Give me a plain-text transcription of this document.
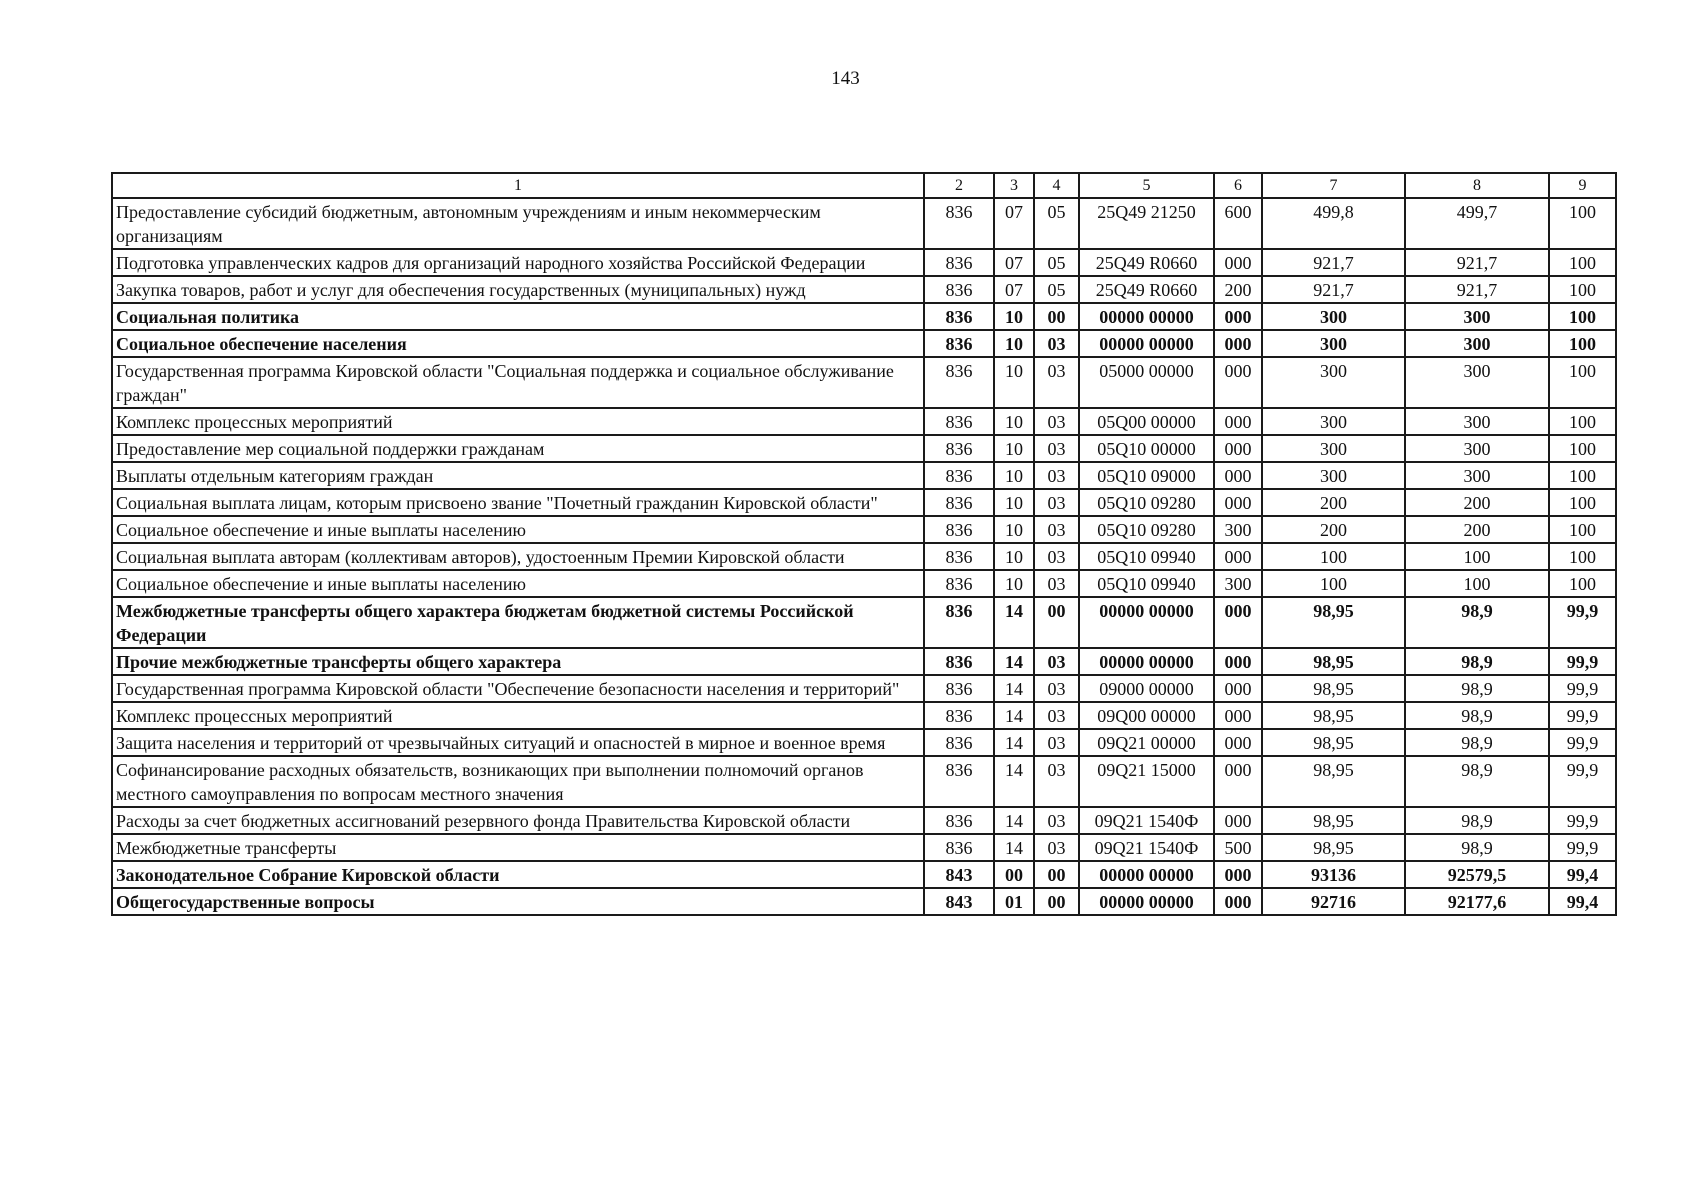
143
1	2	3	4	5	6	7	8	9
Предоставление субсидий бюджетным, автономным учреждениям и иным некоммерческим организациям	836	07	05	25Q49 21250	600	499,8	499,7	100
Подготовка управленческих кадров для организаций народного хозяйства Российской Федерации	836	07	05	25Q49 R0660	000	921,7	921,7	100
Закупка товаров, работ и услуг для обеспечения государственных (муниципальных) нужд	836	07	05	25Q49 R0660	200	921,7	921,7	100
Социальная политика	836	10	00	00000 00000	000	300	300	100
Социальное обеспечение населения	836	10	03	00000 00000	000	300	300	100
Государственная программа Кировской области "Социальная поддержка и социальное обслуживание граждан"	836	10	03	05000 00000	000	300	300	100
Комплекс процессных мероприятий	836	10	03	05Q00 00000	000	300	300	100
Предоставление мер социальной поддержки гражданам	836	10	03	05Q10 00000	000	300	300	100
Выплаты отдельным категориям граждан	836	10	03	05Q10 09000	000	300	300	100
Социальная выплата лицам, которым присвоено звание "Почетный гражданин Кировской области"	836	10	03	05Q10 09280	000	200	200	100
Социальное обеспечение и иные выплаты населению	836	10	03	05Q10 09280	300	200	200	100
Социальная выплата авторам (коллективам авторов), удостоенным Премии Кировской области	836	10	03	05Q10 09940	000	100	100	100
Социальное обеспечение и иные выплаты населению	836	10	03	05Q10 09940	300	100	100	100
Межбюджетные трансферты общего характера бюджетам бюджетной системы Российской Федерации	836	14	00	00000 00000	000	98,95	98,9	99,9
Прочие межбюджетные трансферты общего характера	836	14	03	00000 00000	000	98,95	98,9	99,9
Государственная программа Кировской области "Обеспечение безопасности населения и территорий"	836	14	03	09000 00000	000	98,95	98,9	99,9
Комплекс процессных мероприятий	836	14	03	09Q00 00000	000	98,95	98,9	99,9
Защита населения и территорий от чрезвычайных ситуаций и опасностей в мирное и военное время	836	14	03	09Q21 00000	000	98,95	98,9	99,9
Софинансирование расходных обязательств, возникающих при выполнении полномочий органов местного самоуправления по вопросам местного значения	836	14	03	09Q21 15000	000	98,95	98,9	99,9
Расходы за счет бюджетных ассигнований резервного фонда Правительства Кировской области	836	14	03	09Q21 1540Ф	000	98,95	98,9	99,9
Межбюджетные трансферты	836	14	03	09Q21 1540Ф	500	98,95	98,9	99,9
Законодательное Собрание Кировской области	843	00	00	00000 00000	000	93136	92579,5	99,4
Общегосударственные вопросы	843	01	00	00000 00000	000	92716	92177,6	99,4
